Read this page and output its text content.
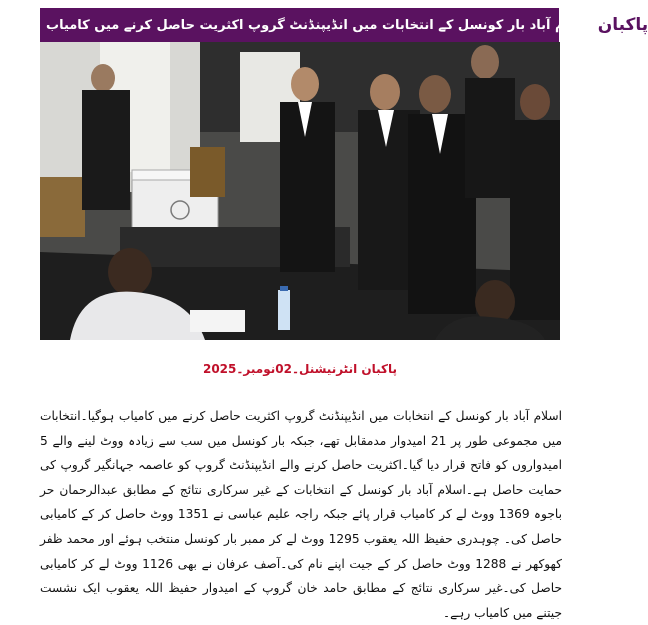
اسلام آباد بار کونسل کے انتخابات میں انڈیپنڈنٹ گروپ اکثریت حاصل کرنے میں کامیاب پاکبان
پاکبان انٹرنیشنل۔02نومبر۔2025
اسلام آباد بار کونسل کے انتخابات میں انڈیپنڈنٹ گروپ اکثریت حاصل کرنے میں کامیاب ہوگیا۔انتخابات میں مجموعی طور پر 21 امیدوار مدمقابل تھے، جبکہ بار کونسل میں سب سے زیادہ ووٹ لینے والے 5 امیدواروں کو فاتح قرار دیا گیا۔اکثریت حاصل کرنے والے انڈیپنڈنٹ گروپ کو عاصمہ جہانگیر گروپ کی حمایت حاصل ہے۔اسلام آباد بار کونسل کے انتخابات کے غیر سرکاری نتائج کے مطابق عبدالرحمان حر باجوہ 1369 ووٹ لے کر کامیاب قرار پائے جبکہ راجہ علیم عباسی نے 1351 ووٹ حاصل کر کے کامیابی حاصل کی۔ چوہدری حفیظ اللہ یعقوب 1295 ووٹ لے کر ممبر بار کونسل منتخب ہوئے اور محمد ظفر کھوکھر نے 1288 ووٹ حاصل کر کے جیت اپنے نام کی۔آصف عرفان نے بھی 1126 ووٹ لے کر کامیابی حاصل کی۔غیر سرکاری نتائج کے مطابق حامد خان گروپ کے امیدوار حفیظ اللہ یعقوب ایک نشست جیتنے میں کامیاب رہے۔
